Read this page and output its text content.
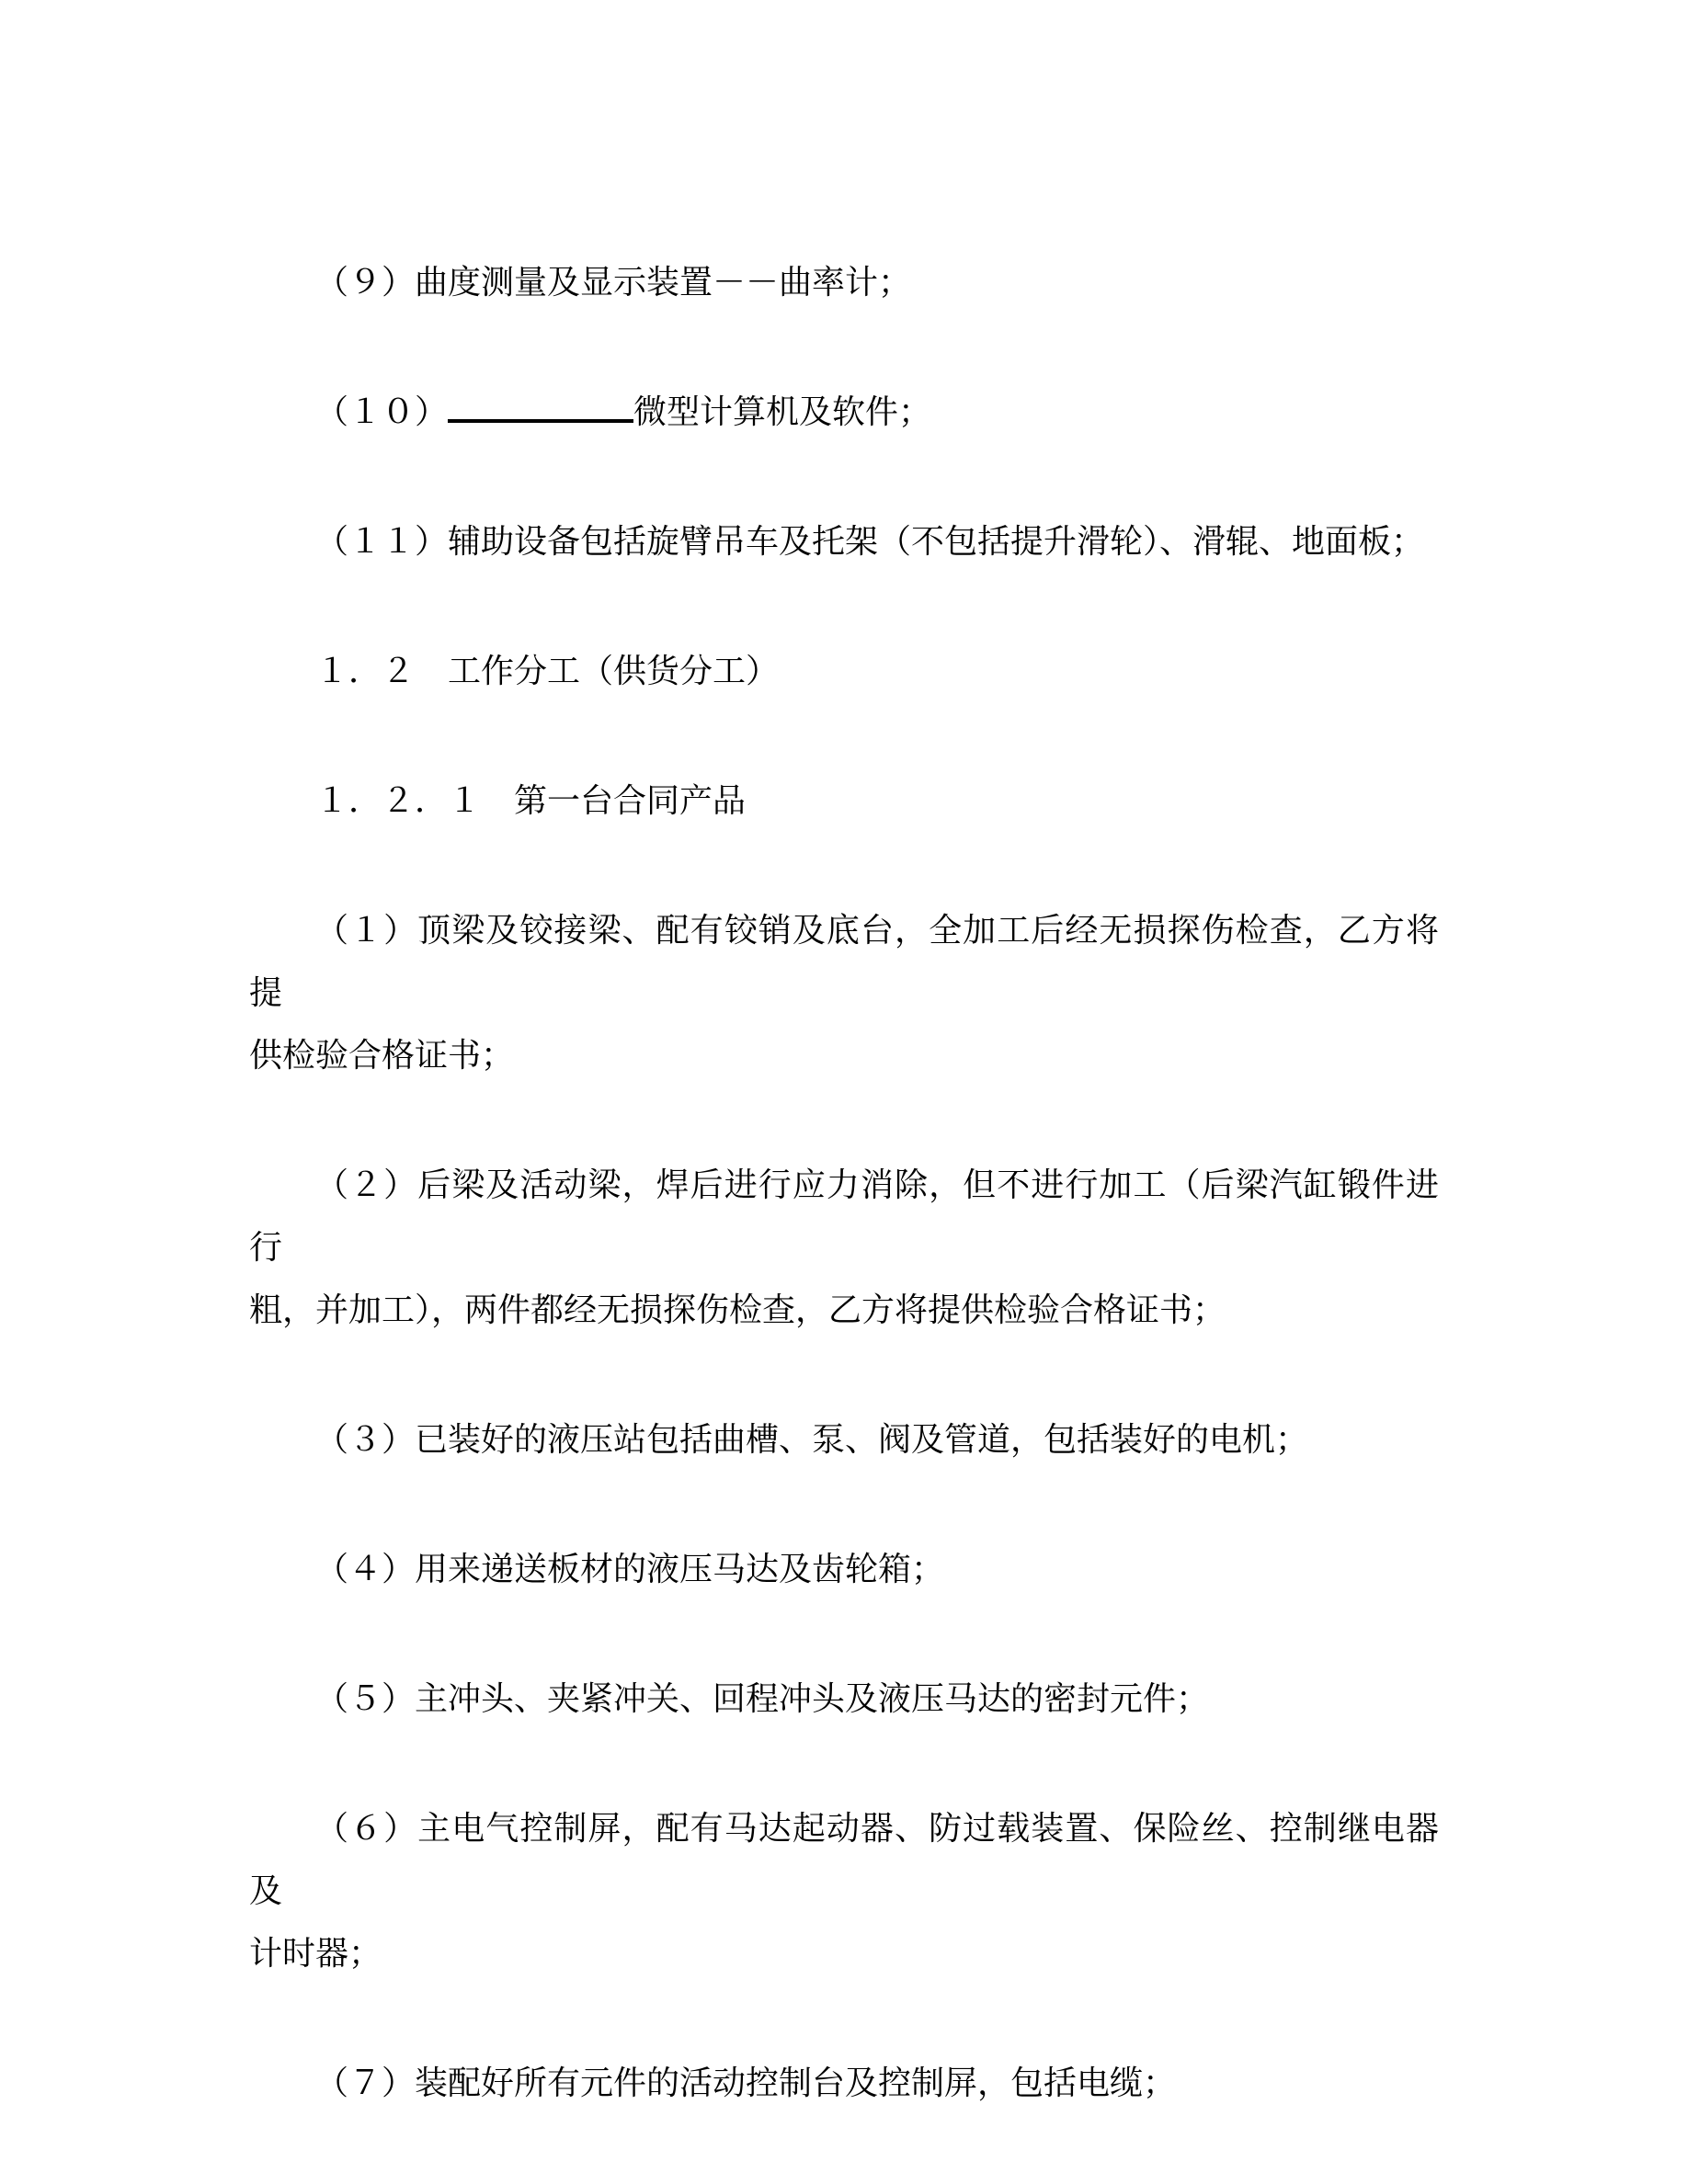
（９）曲度测量及显示装置－－曲率计；
（１０）	微型计算机及软件；
（１１）辅助设备包括旋臂吊车及托架（不包括提升滑轮）、滑辊、地面板；
１．２　工作分工（供货分工）
１．２．１　第一台合同产品
（１）顶梁及铰接梁、配有铰销及底台，全加工后经无损探伤检查，乙方将提
供检验合格证书；
（２）后梁及活动梁，焊后进行应力消除，但不进行加工（后梁汽缸锻件进行
粗，并加工），两件都经无损探伤检查，乙方将提供检验合格证书；
（３）已装好的液压站包括曲槽、泵、阀及管道，包括装好的电机；
（４）用来递送板材的液压马达及齿轮箱；
（５）主冲头、夹紧冲关、回程冲头及液压马达的密封元件；
（６）主电气控制屏，配有马达起动器、防过载装置、保险丝、控制继电器及
计时器；
（７）装配好所有元件的活动控制台及控制屏，包括电缆；
